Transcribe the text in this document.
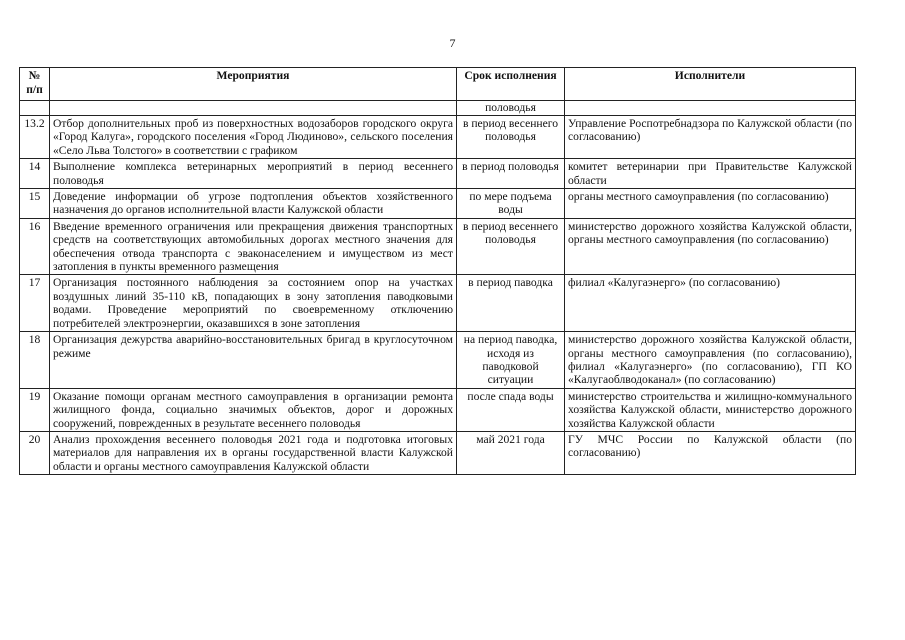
7
№ п/п	Мероприятия	Срок исполнения	Исполнители
		половодья	
13.2	Отбор дополнительных проб из поверхностных водозаборов городского округа «Город Калуга», городского поселения «Город Людиново», сельского поселения «Село Льва Толстого» в соответствии с графиком	в период весеннего половодья	Управление Роспотребнадзора по Калужской области (по согласованию)
14	Выполнение комплекса ветеринарных мероприятий в период весеннего половодья	в период половодья	комитет ветеринарии при Правительстве Калужской области
15	Доведение информации об угрозе подтопления объектов хозяйственного назначения до органов исполнительной власти Калужской области	по мере подъема воды	органы местного самоуправления (по согласованию)
16	Введение временного ограничения или прекращения движения транспортных средств на соответствующих автомобильных дорогах местного значения для обеспечения отвода транспорта с эваконаселением и имуществом из мест затопления в пункты временного размещения	в период весеннего половодья	министерство дорожного хозяйства Калужской области, органы местного самоуправления (по согласованию)
17	Организация постоянного наблюдения за состоянием опор на участках воздушных линий 35-110 кВ, попадающих в зону затопления паводковыми водами. Проведение мероприятий по своевременному отключению потребителей электроэнергии, оказавшихся в зоне затопления	в период паводка	филиал «Калугаэнерго» (по согласованию)
18	Организация дежурства аварийно-восстановительных бригад в круглосуточном режиме	на период паводка, исходя из паводковой ситуации	министерство дорожного хозяйства Калужской области, органы местного самоуправления (по согласованию), филиал «Калугаэнерго» (по согласованию), ГП КО «Калугаоблводоканал» (по согласованию)
19	Оказание помощи органам местного самоуправления в организации ремонта жилищного фонда, социально значимых объектов, дорог и дорожных сооружений, поврежденных в результате весеннего половодья	после спада воды	министерство строительства и жилищно-коммунального хозяйства Калужской области, министерство дорожного хозяйства Калужской области
20	Анализ прохождения весеннего половодья 2021 года и подготовка итоговых материалов для направления их в органы государственной власти Калужской области и органы местного самоуправления Калужской области	май 2021 года	ГУ МЧС России по Калужской области (по согласованию)
